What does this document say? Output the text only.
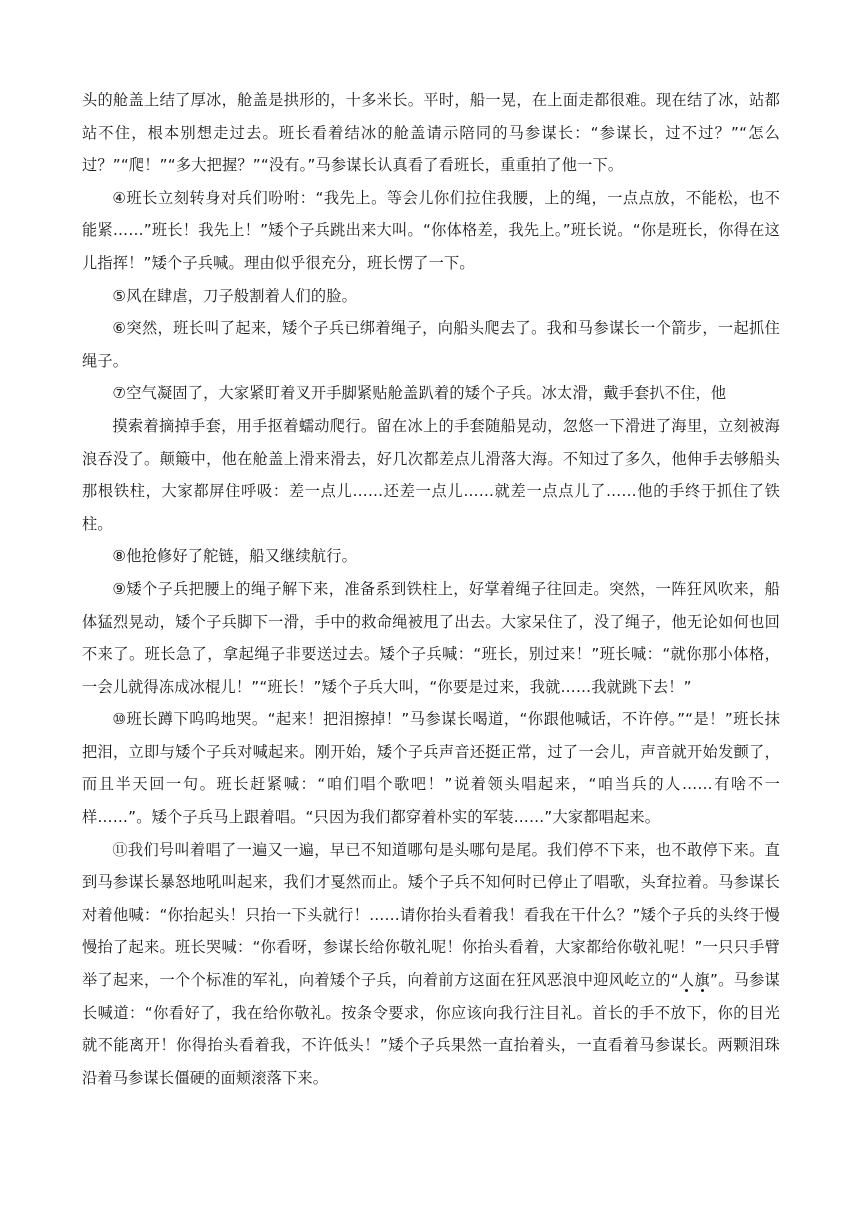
头的舱盖上结了厚冰，舱盖是拱形的，十多米长。平时，船一晃，在上面走都很难。现在结了冰，站都站不住，根本别想走过去。班长看着结冰的舱盖请示陪同的马参谋长：“参谋长，过不过？”“怎么过？”“爬！”“多大把握？”“没有。”马参谋长认真看了看班长，重重拍了他一下。

④班长立刻转身对兵们吩咐：“我先上。等会儿你们拉住我腰，上的绳，一点点放，不能松，也不能紧……”班长！我先上！”矮个子兵跳出来大叫。“你体格差，我先上。”班长说。“你是班长，你得在这儿指挥！”矮个子兵喊。理由似乎很充分，班长愣了一下。

⑤风在肆虐，刀子般割着人们的脸。

⑥突然，班长叫了起来，矮个子兵已绑着绳子，向船头爬去了。我和马参谋长一个箭步，一起抓住绳子。

⑦空气凝固了，大家紧盯着叉开手脚紧贴舱盖趴着的矮个子兵。冰太滑，戴手套扒不住，他

摸索着摘掉手套，用手抠着蠕动爬行。留在冰上的手套随船晃动，忽悠一下滑进了海里，立刻被海浪吞没了。颠簸中，他在舱盖上滑来滑去，好几次都差点儿滑落大海。不知过了多久，他伸手去够船头那根铁柱，大家都屏住呼吸：差一点儿……还差一点儿……就差一点点儿了……他的手终于抓住了铁柱。

⑧他抢修好了舵链，船又继续航行。

⑨矮个子兵把腰上的绳子解下来，准备系到铁柱上，好掌着绳子往回走。突然，一阵狂风吹来，船体猛烈晃动，矮个子兵脚下一滑，手中的救命绳被甩了出去。大家呆住了，没了绳子，他无论如何也回不来了。班长急了，拿起绳子非要送过去。矮个子兵喊：“班长，别过来！”班长喊：“就你那小体格，一会儿就得冻成冰棍儿！”“班长！”矮个子兵大叫，“你要是过来，我就……我就跳下去！”

⑩班长蹲下呜呜地哭。“起来！把泪擦掉！”马参谋长喝道，“你跟他喊话，不许停。”“是！”班长抹把泪，立即与矮个子兵对喊起来。刚开始，矮个子兵声音还挺正常，过了一会儿，声音就开始发颤了，而且半天回一句。班长赶紧喊：“咱们唱个歌吧！”说着领头唱起来，“咱当兵的人……有啥不一样……”。矮个子兵马上跟着唱。“只因为我们都穿着朴实的军装……”大家都唱起来。

⑪我们号叫着唱了一遍又一遍，早已不知道哪句是头哪句是尾。我们停不下来，也不敢停下来。直到马参谋长暴怒地吼叫起来，我们才戛然而止。矮个子兵不知何时已停止了唱歌，头耷拉着。马参谋长对着他喊：“你抬起头！只抬一下头就行！……请你抬头看着我！看我在干什么？”矮个子兵的头终于慢慢抬了起来。班长哭喊：“你看呀，参谋长给你敬礼呢！你抬头看着，大家都给你敬礼呢！”一只只手臂举了起来，一个个标准的军礼，向着矮个子兵，向着前方这面在狂风恶浪中迎风屹立的“人旗”。马参谋长喊道：“你看好了，我在给你敬礼。按条令要求，你应该向我行注目礼。首长的手不放下，你的目光就不能离开！你得抬头看着我，不许低头！”矮个子兵果然一直抬着头，一直看着马参谋长。两颗泪珠沿着马参谋长僵硬的面颊滚落下来。
